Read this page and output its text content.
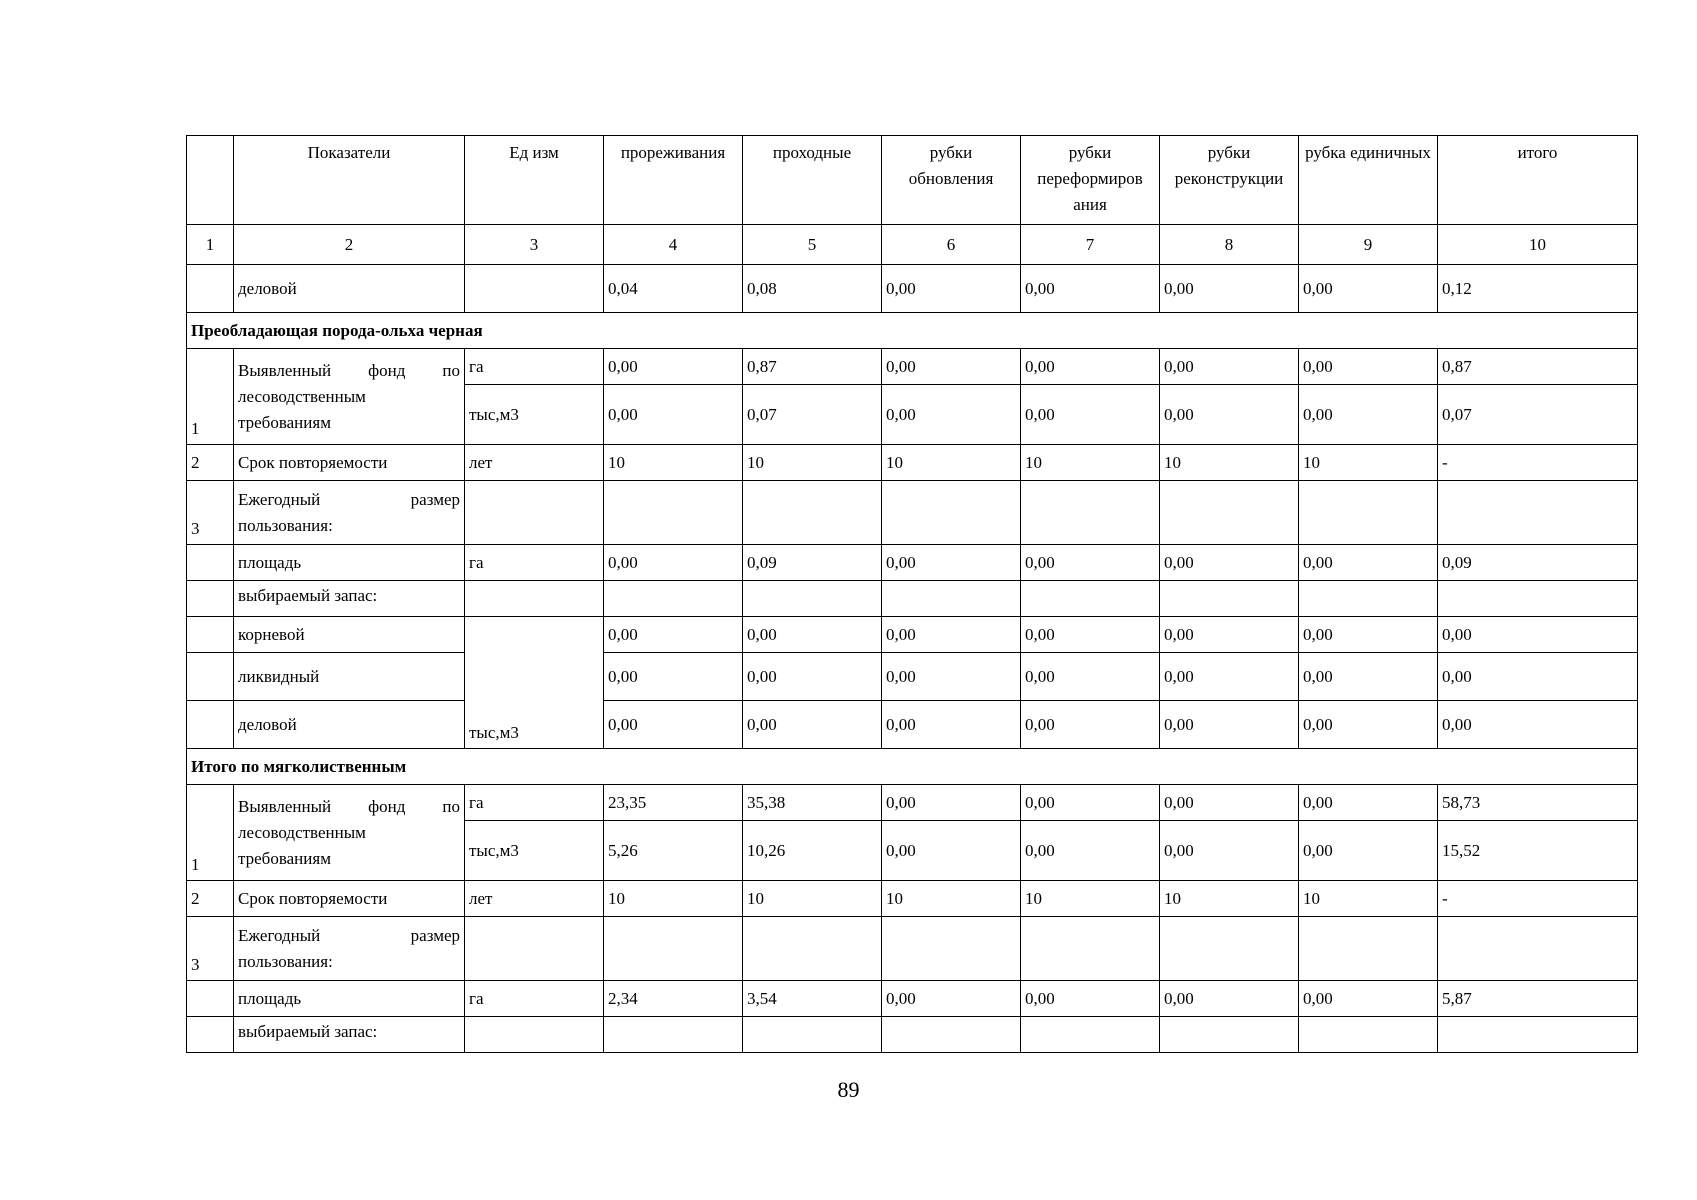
	Показатели	Ед изм	прореживания	проходные	рубки обновления	рубки переформиров ания	рубки реконструкции	рубка единичных	итого
1	2	3	4	5	6	7	8	9	10
	деловой		0,04	0,08	0,00	0,00	0,00	0,00	0,12
Преобладающая порода-ольха черная									
1	Выявленный фонд по лесоводственным требованиям	га	0,00	0,87	0,00	0,00	0,00	0,00	0,87
		тыс,м3	0,00	0,07	0,00	0,00	0,00	0,00	0,07
2	Срок повторяемости	лет	10	10	10	10	10	10	-
3	Ежегодный размер пользования:								
	площадь	га	0,00	0,09	0,00	0,00	0,00	0,00	0,09
	выбираемый запас:								
	корневой	тыс,м3	0,00	0,00	0,00	0,00	0,00	0,00	0,00
	ликвидный		0,00	0,00	0,00	0,00	0,00	0,00	0,00
	деловой		0,00	0,00	0,00	0,00	0,00	0,00	0,00
Итого по мягколиственным									
1	Выявленный фонд по лесоводственным требованиям	га	23,35	35,38	0,00	0,00	0,00	0,00	58,73
		тыс,м3	5,26	10,26	0,00	0,00	0,00	0,00	15,52
2	Срок повторяемости	лет	10	10	10	10	10	10	-
3	Ежегодный размер пользования:								
	площадь	га	2,34	3,54	0,00	0,00	0,00	0,00	5,87
	выбираемый запас:								
89
